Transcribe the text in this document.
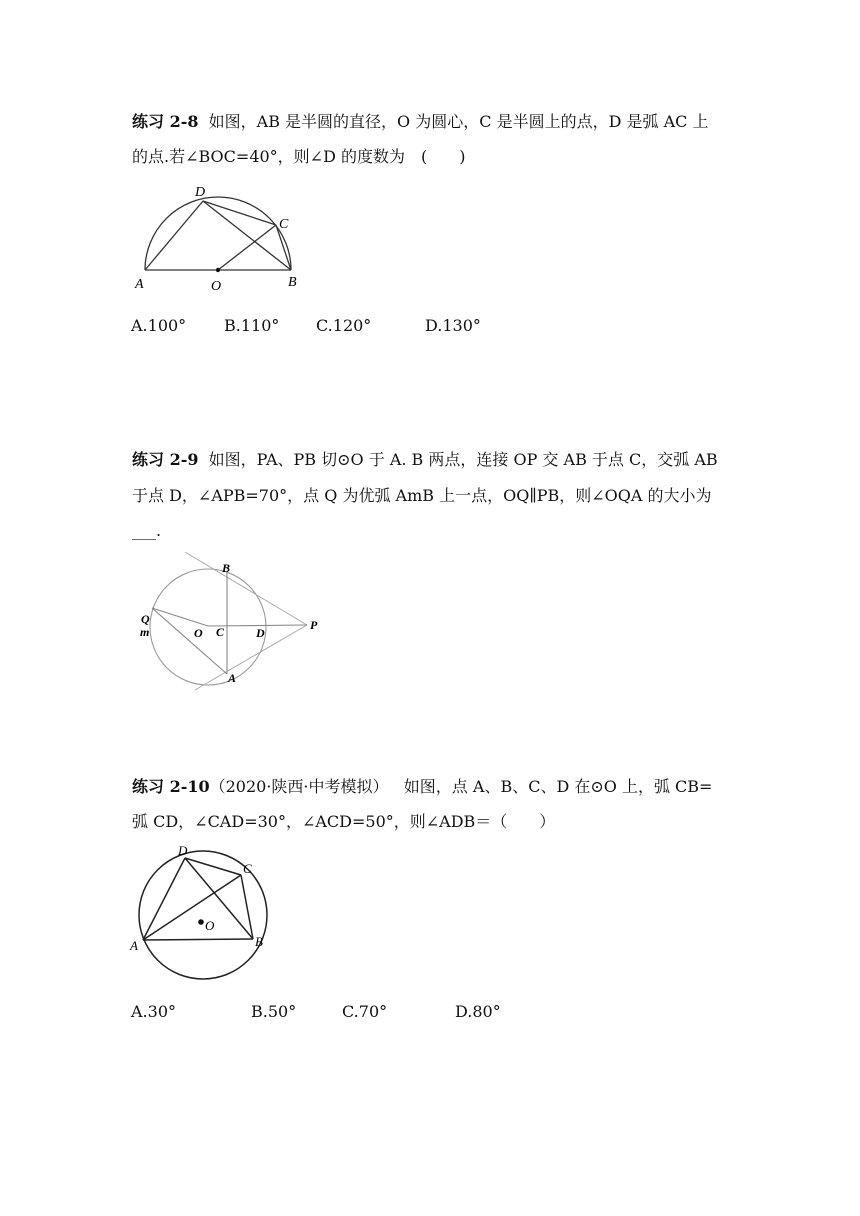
练习 2-8 如图，AB 是半圆的直径，O 为圆心，C 是半圆上的点，D 是弧 AC 上
的点.若∠BOC=40°，则∠D 的度数为　(　　)
A	O	B
C
D
A.100° B.110° C.120°	D.130°
练习 2-9 如图，PA、PB 切⊙O 于 A. B 两点，连接 OP 交 AB 于点 C，交弧 AB
于点 D，∠APB=70°，点 Q 为优弧 AmB 上一点，OQ∥PB，则∠OQA 的大小为
___.
B
Q
m	O C	D
P
A
练习 2-10（2020·陕西·中考模拟） 如图，点 A、B、C、D 在⊙O 上，弧 CB=
弧 CD，∠CAD=30°，∠ACD=50°，则∠ADB＝（　　）
D
C
O
A	B
A.30°	B.50°	C.70°	D.80°
